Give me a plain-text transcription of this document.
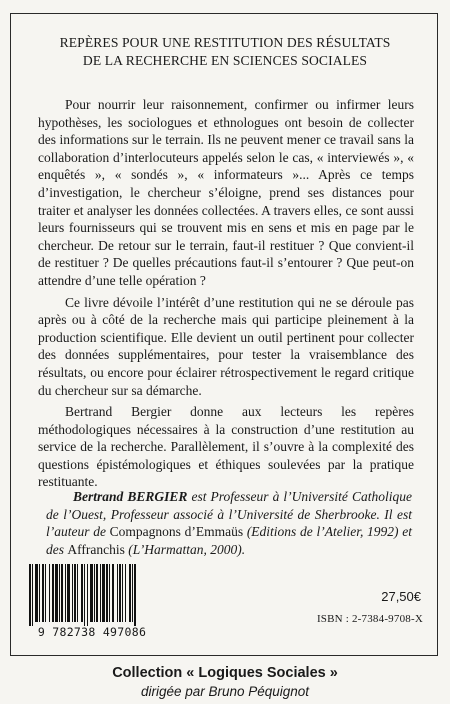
REPÈRES POUR UNE RESTITUTION DES RÉSULTATS
DE LA RECHERCHE EN SCIENCES SOCIALES

Pour nourrir leur raisonnement, confirmer ou infirmer leurs hypothèses, les sociologues et ethnologues ont besoin de collecter des informations sur le terrain. Ils ne peuvent mener ce travail sans la collaboration d’interlocuteurs appelés selon le cas, « interviewés », « enquêtés », « sondés », « informateurs »... Après ce temps d’investigation, le chercheur s’éloigne, prend ses distances pour traiter et analyser les données collectées. A travers elles, ce sont aussi leurs fournisseurs qui se trouvent mis en sens et mis en page par le chercheur. De retour sur le terrain, faut-il restituer ? Que convient-il de restituer ? De quelles précautions faut-il s’entourer ? Que peut-on attendre d’une telle opération ?

Ce livre dévoile l’intérêt d’une restitution qui ne se déroule pas après ou à côté de la recherche mais qui participe pleinement à la production scientifique. Elle devient un outil pertinent pour collecter des données supplémentaires, pour tester la vraisemblance des résultats, ou encore pour éclairer rétrospectivement le regard critique du chercheur sur sa démarche.

Bertrand Bergier donne aux lecteurs les repères méthodologiques nécessaires à la construction d’une restitution au service de la recherche. Parallèlement, il s’ouvre à la complexité des questions épistémologiques et éthiques soulevées par la pratique restituante.

Bertrand BERGIER est Professeur à l’Université Catholique de l’Ouest, Professeur associé à l’Université de Sherbrooke. Il est l’auteur de Compagnons d’Emmaüs (Editions de l’Atelier, 1992) et des Affranchis (L’Harmattan, 2000).
9 782738 497086
27,50€
ISBN : 2-7384-9708-X
Collection « Logiques Sociales »
dirigée par Bruno Péquignot
